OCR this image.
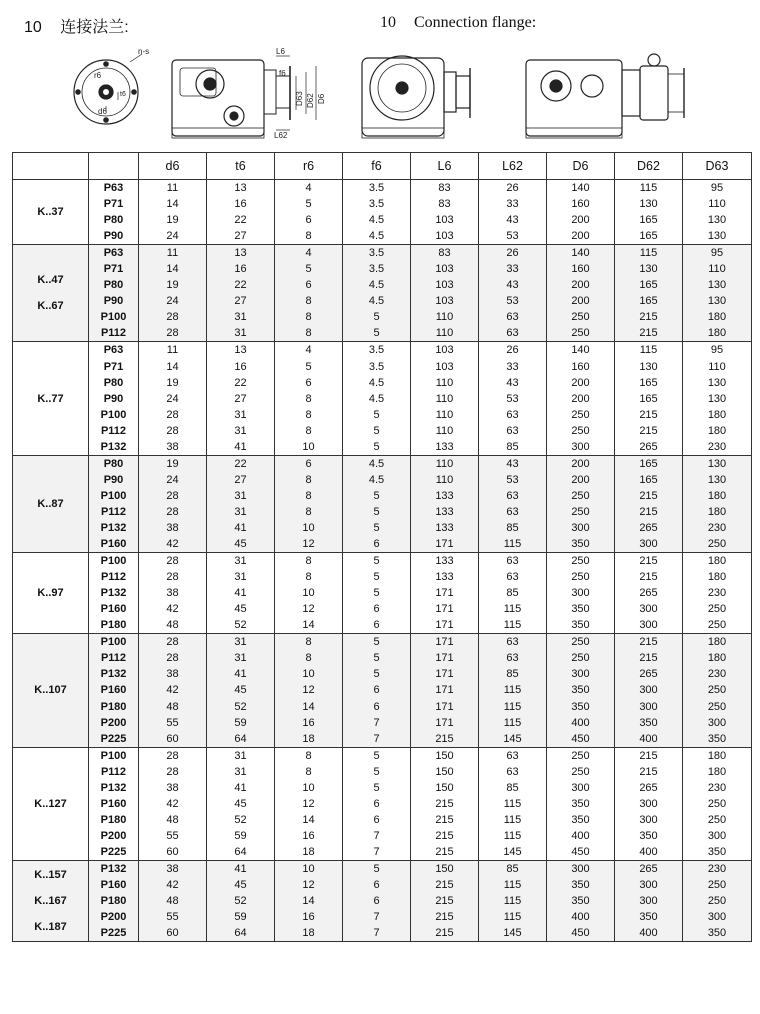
10 连接法兰:	10 Connection flange:
n-s
r6
t6
d6
L6
f6
D63 D62 D6
L62
		d6	t6	r6	f6	L6	L62	D6	D62	D63

K..37	P63	11	13	4	3.5	83	26	140	115	95
	P71	14	16	5	3.5	83	33	160	130	110
	P80	19	22	6	4.5	103	43	200	165	130
	P90	24	27	8	4.5	103	53	200	165	130

K..47
K..67	P63	11	13	4	3.5	83	26	140	115	95
	P71	14	16	5	3.5	103	33	160	130	110
	P80	19	22	6	4.5	103	43	200	165	130
	P90	24	27	8	4.5	103	53	200	165	130
	P100	28	31	8	5	110	63	250	215	180
	P112	28	31	8	5	110	63	250	215	180

K..77	P63	11	13	4	3.5	103	26	140	115	95
	P71	14	16	5	3.5	103	33	160	130	110
	P80	19	22	6	4.5	110	43	200	165	130
	P90	24	27	8	4.5	110	53	200	165	130
	P100	28	31	8	5	110	63	250	215	180
	P112	28	31	8	5	110	63	250	215	180
	P132	38	41	10	5	133	85	300	265	230

K..87	P80	19	22	6	4.5	110	43	200	165	130
	P90	24	27	8	4.5	110	53	200	165	130
	P100	28	31	8	5	133	63	250	215	180
	P112	28	31	8	5	133	63	250	215	180
	P132	38	41	10	5	133	85	300	265	230
	P160	42	45	12	6	171	115	350	300	250

K..97	P100	28	31	8	5	133	63	250	215	180
	P112	28	31	8	5	133	63	250	215	180
	P132	38	41	10	5	171	85	300	265	230
	P160	42	45	12	6	171	115	350	300	250
	P180	48	52	14	6	171	115	350	300	250

K..107	P100	28	31	8	5	171	63	250	215	180
	P112	28	31	8	5	171	63	250	215	180
	P132	38	41	10	5	171	85	300	265	230
	P160	42	45	12	6	171	115	350	300	250
	P180	48	52	14	6	171	115	350	300	250
	P200	55	59	16	7	171	115	400	350	300
	P225	60	64	18	7	215	145	450	400	350

K..127	P100	28	31	8	5	150	63	250	215	180
	P112	28	31	8	5	150	63	250	215	180
	P132	38	41	10	5	150	85	300	265	230
	P160	42	45	12	6	215	115	350	300	250
	P180	48	52	14	6	215	115	350	300	250
	P200	55	59	16	7	215	115	400	350	300
	P225	60	64	18	7	215	145	450	400	350

K..157
K..167
K..187	P132	38	41	10	5	150	85	300	265	230
	P160	42	45	12	6	215	115	350	300	250
	P180	48	52	14	6	215	115	350	300	250
	P200	55	59	16	7	215	115	400	350	300
	P225	60	64	18	7	215	145	450	400	350
